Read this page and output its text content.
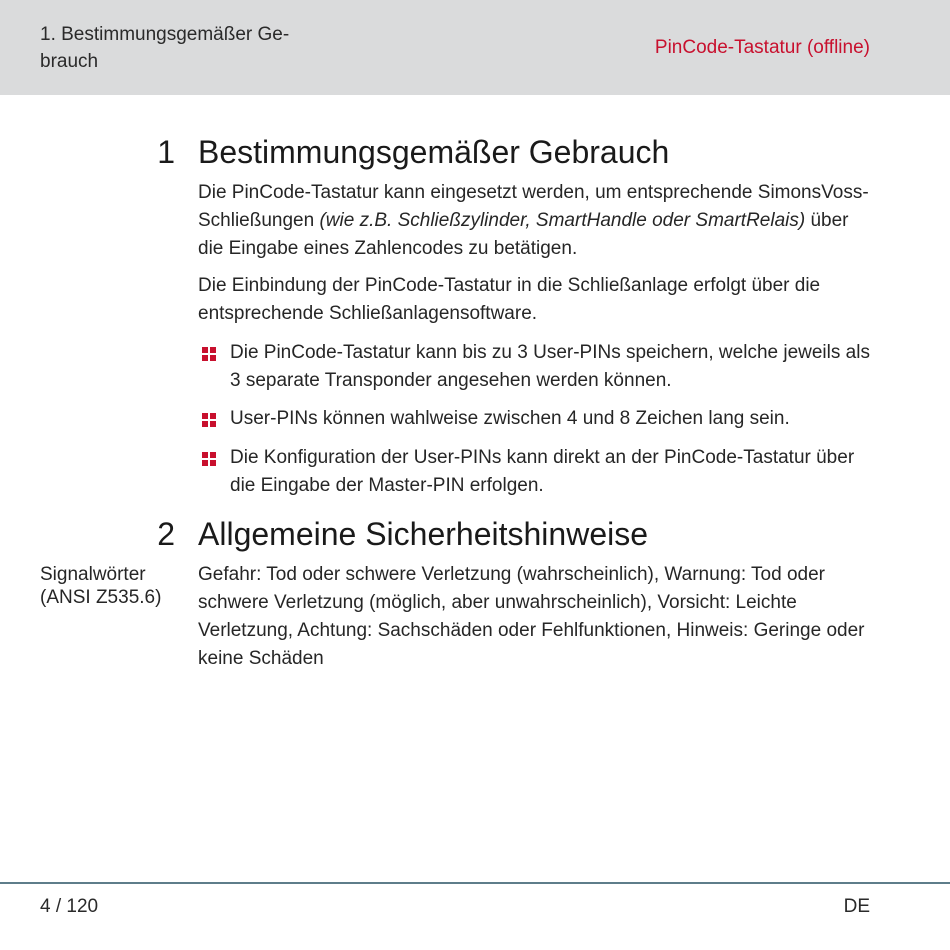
1. Bestimmungsgemäßer Ge-
brauch
PinCode-Tastatur (offline)
1 Bestimmungsgemäßer Gebrauch

Die PinCode-Tastatur kann eingesetzt werden, um entsprechende SimonsVoss-Schließungen (wie z.B. Schließzylinder, SmartHandle oder SmartRelais) über die Eingabe eines Zahlencodes zu betätigen.

Die Einbindung der PinCode-Tastatur in die Schließanlage erfolgt über die entsprechende Schließanlagensoftware.

Die PinCode-Tastatur kann bis zu 3 User-PINs speichern, welche jeweils als 3 separate Transponder angesehen werden können.

User-PINs können wahlweise zwischen 4 und 8 Zeichen lang sein.

Die Konfiguration der User-PINs kann direkt an der PinCode-Tastatur über die Eingabe der Master-PIN erfolgen.

2 Allgemeine Sicherheitshinweise
Signalwörter (ANSI Z535.6)

Gefahr: Tod oder schwere Verletzung (wahrscheinlich), Warnung: Tod oder schwere Verletzung (möglich, aber unwahrscheinlich), Vorsicht: Leichte Verletzung, Achtung: Sachschäden oder Fehlfunktionen, Hinweis: Geringe oder keine Schäden

4 / 120	DE
